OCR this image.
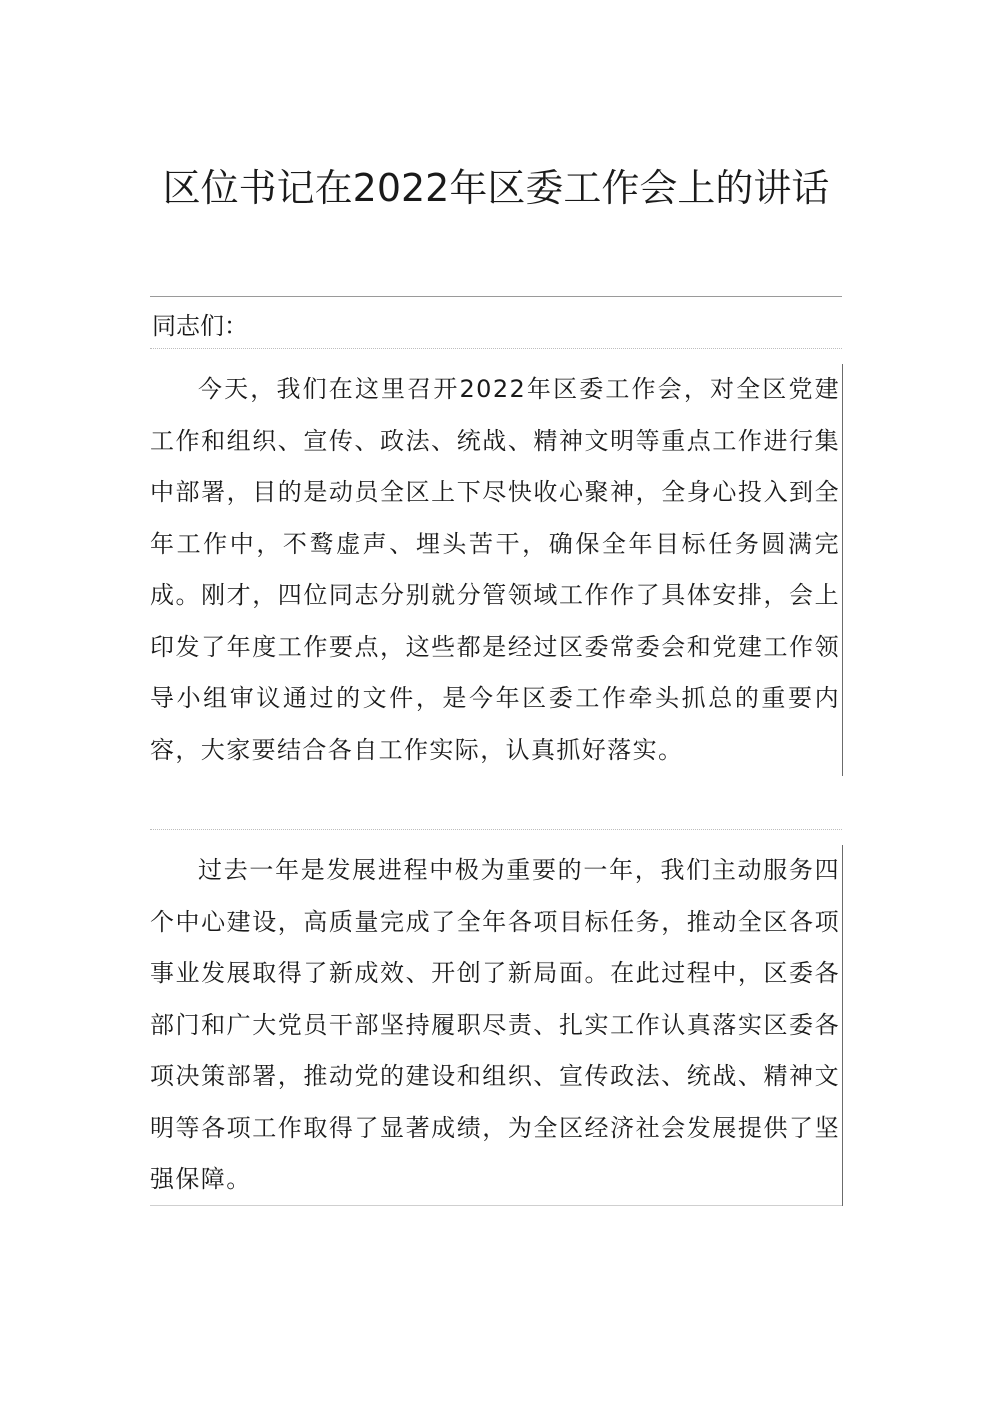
区位书记在2022年区委工作会上的讲话

同志们：

今天，我们在这里召开2022年区委工作会，对全区党建工作和组织、宣传、政法、统战、精神文明等重点工作进行集中部署，目的是动员全区上下尽快收心聚神，全身心投入到全年工作中，不鹜虚声、埋头苦干，确保全年目标任务圆满完成。刚才，四位同志分别就分管领域工作作了具体安排，会上印发了年度工作要点，这些都是经过区委常委会和党建工作领导小组审议通过的文件，是今年区委工作牵头抓总的重要内容，大家要结合各自工作实际，认真抓好落实。

过去一年是发展进程中极为重要的一年，我们主动服务四个中心建设，高质量完成了全年各项目标任务，推动全区各项事业发展取得了新成效、开创了新局面。在此过程中，区委各部门和广大党员干部坚持履职尽责、扎实工作认真落实区委各项决策部署，推动党的建设和组织、宣传政法、统战、精神文明等各项工作取得了显著成绩，为全区经济社会发展提供了坚强保障。
